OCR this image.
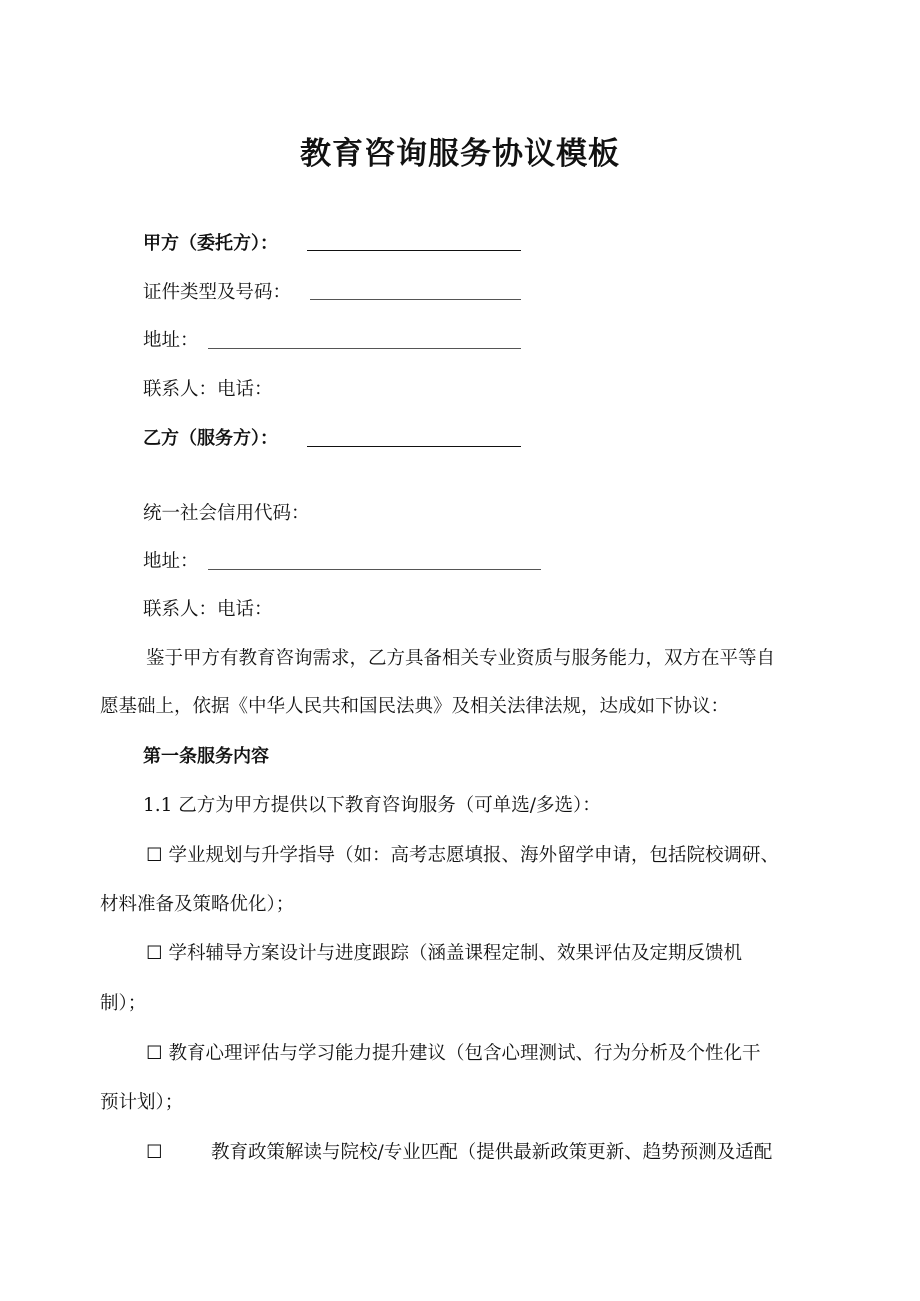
教育咨询服务协议模板
甲方（委托方）：
证件类型及号码：
地址：
联系人：电话：
乙方（服务方）：
统一社会信用代码：
地址：
联系人：电话：
鉴于甲方有教育咨询需求，乙方具备相关专业资质与服务能力，双方在平等自
愿基础上，依据《中华人民共和国民法典》及相关法律法规，达成如下协议：
第一条服务内容
1.1 乙方为甲方提供以下教育咨询服务（可单选/多选）：
☐ 学业规划与升学指导（如：高考志愿填报、海外留学申请，包括院校调研、
材料准备及策略优化）；
☐ 学科辅导方案设计与进度跟踪（涵盖课程定制、效果评估及定期反馈机
制）；
☐ 教育心理评估与学习能力提升建议（包含心理测试、行为分析及个性化干
预计划）；
☐	教育政策解读与院校/专业匹配（提供最新政策更新、趋势预测及适配
